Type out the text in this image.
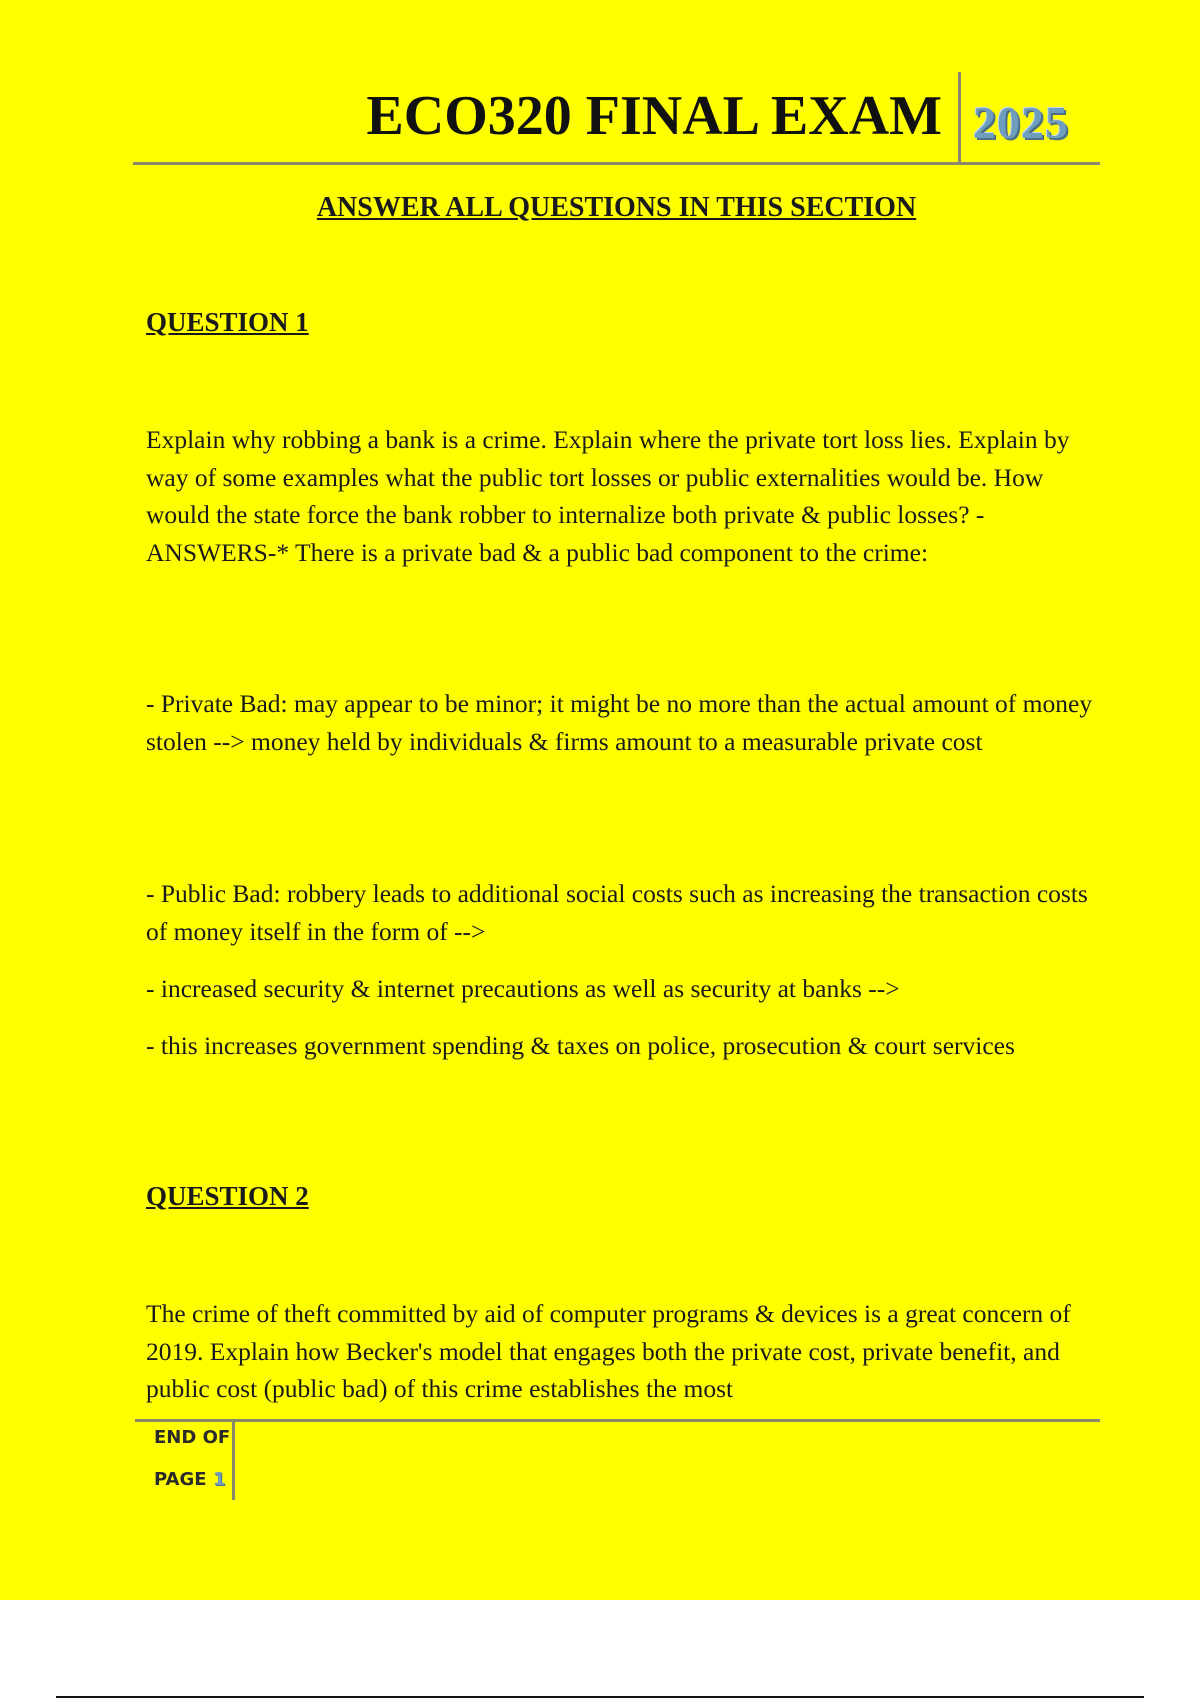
ECO320 FINAL EXAM 2025
ANSWER ALL QUESTIONS IN THIS SECTION
QUESTION 1

Explain why robbing a bank is a crime. Explain where the private tort loss lies. Explain by way of some examples what the public tort losses or public externalities would be. How would the state force the bank robber to internalize both private & public losses? - ANSWERS-* There is a private bad & a public bad component to the crime:

- Private Bad: may appear to be minor; it might be no more than the actual amount of money stolen --> money held by individuals & firms amount to a measurable private cost

- Public Bad: robbery leads to additional social costs such as increasing the transaction costs of money itself in the form of -->

- increased security & internet precautions as well as security at banks -->

- this increases government spending & taxes on police, prosecution & court services

QUESTION 2

The crime of theft committed by aid of computer programs & devices is a great concern of 2019. Explain how Becker's model that engages both the private cost, private benefit, and public cost (public bad) of this crime establishes the most

END OF
PAGE 1
